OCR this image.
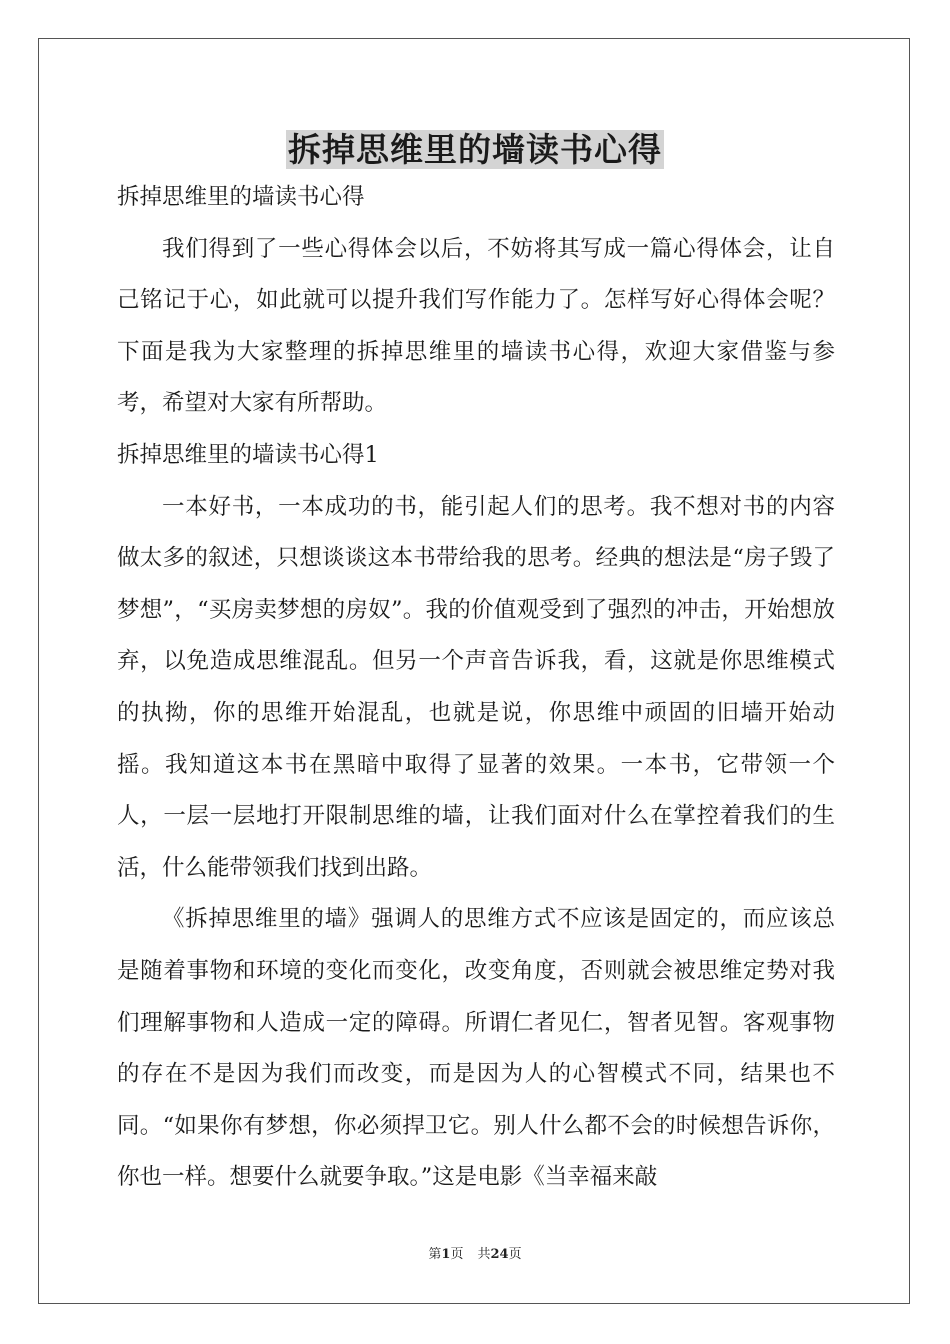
拆掉思维里的墙读书心得

拆掉思维里的墙读书心得

我们得到了一些心得体会以后，不妨将其写成一篇心得体会，让自己铭记于心，如此就可以提升我们写作能力了。怎样写好心得体会呢？下面是我为大家整理的拆掉思维里的墙读书心得，欢迎大家借鉴与参考，希望对大家有所帮助。

拆掉思维里的墙读书心得1

一本好书，一本成功的书，能引起人们的思考。我不想对书的内容做太多的叙述，只想谈谈这本书带给我的思考。经典的想法是“房子毁了梦想”，“买房卖梦想的房奴”。我的价值观受到了强烈的冲击，开始想放弃，以免造成思维混乱。但另一个声音告诉我，看，这就是你思维模式的执拗，你的思维开始混乱，也就是说，你思维中顽固的旧墙开始动摇。我知道这本书在黑暗中取得了显著的效果。一本书，它带领一个人，一层一层地打开限制思维的墙，让我们面对什么在掌控着我们的生活，什么能带领我们找到出路。

《拆掉思维里的墙》强调人的思维方式不应该是固定的，而应该总是随着事物和环境的变化而变化，改变角度，否则就会被思维定势对我们理解事物和人造成一定的障碍。所谓仁者见仁，智者见智。客观事物的存在不是因为我们而改变，而是因为人的心智模式不同，结果也不同。“如果你有梦想，你必须捍卫它。别人什么都不会的时候想告诉你，你也一样。想要什么就要争取。”这是电影《当幸福来敲

第1页 共24页
